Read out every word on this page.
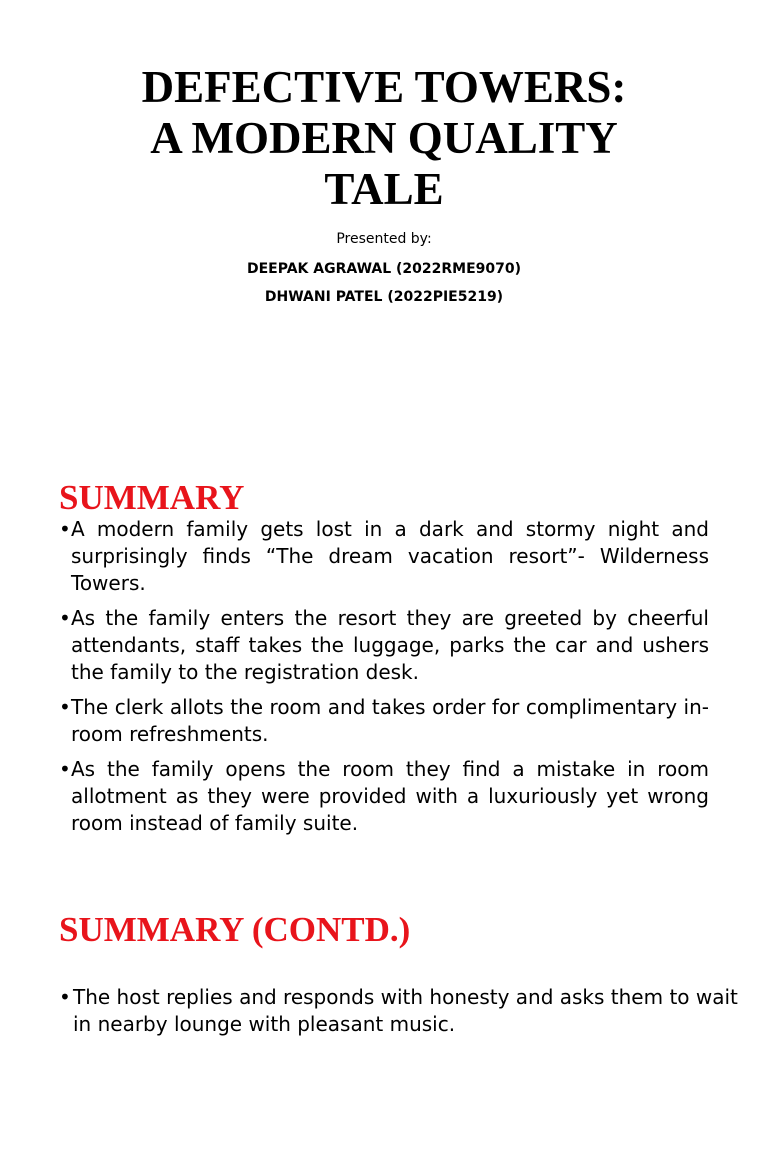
DEFECTIVE TOWERS:
A MODERN QUALITY
TALE
Presented by:
DEEPAK AGRAWAL (2022RME9070)
DHWANI PATEL (2022PIE5219)
SUMMARY
• A modern family gets lost in a dark and stormy night and surprisingly finds “The dream vacation resort”- Wilderness Towers.
• As the family enters the resort they are greeted by cheerful attendants, staff takes the luggage, parks the car and ushers the family to the registration desk.
• The clerk allots the room and takes order for complimentary in-room refreshments.
• As the family opens the room they find a mistake in room allotment as they were provided with a luxuriously yet wrong room instead of family suite.
SUMMARY (CONTD.)
• The host replies and responds with honesty and asks them to wait in nearby lounge with pleasant music.
